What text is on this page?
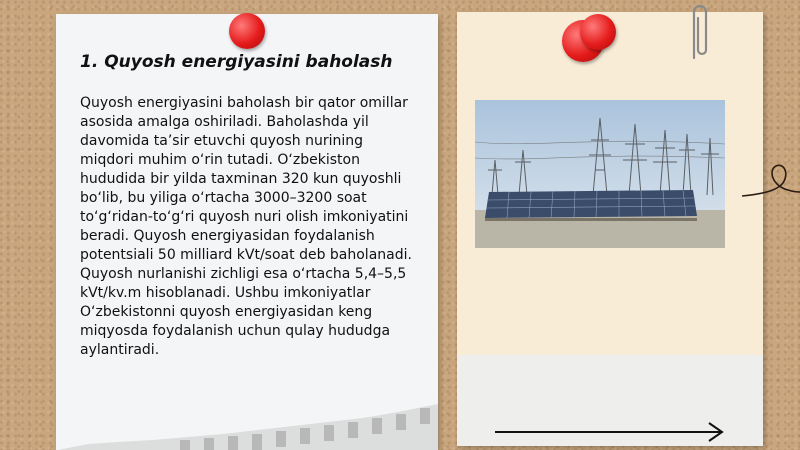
1. Quyosh energiyasini baholash

Quyosh energiyasini baholash bir qator omillar asosida amalga oshiriladi. Baholashda yil davomida ta’sir etuvchi quyosh nurining miqdori muhim o‘rin tutadi. O‘zbekiston hududida bir yilda taxminan 320 kun quyoshli bo‘lib, bu yiliga o‘rtacha 3000–3200 soat to‘g‘ridan-to‘g‘ri quyosh nuri olish imkoniyatini beradi. Quyosh energiyasidan foydalanish potentsiali 50 milliard kVt/soat deb baholanadi. Quyosh nurlanishi zichligi esa o‘rtacha 5,4–5,5 kVt/kv.m hisoblanadi. Ushbu imkoniyatlar O‘zbekistonni quyosh energiyasidan keng miqyosda foydalanish uchun qulay hududga aylantiradi.
